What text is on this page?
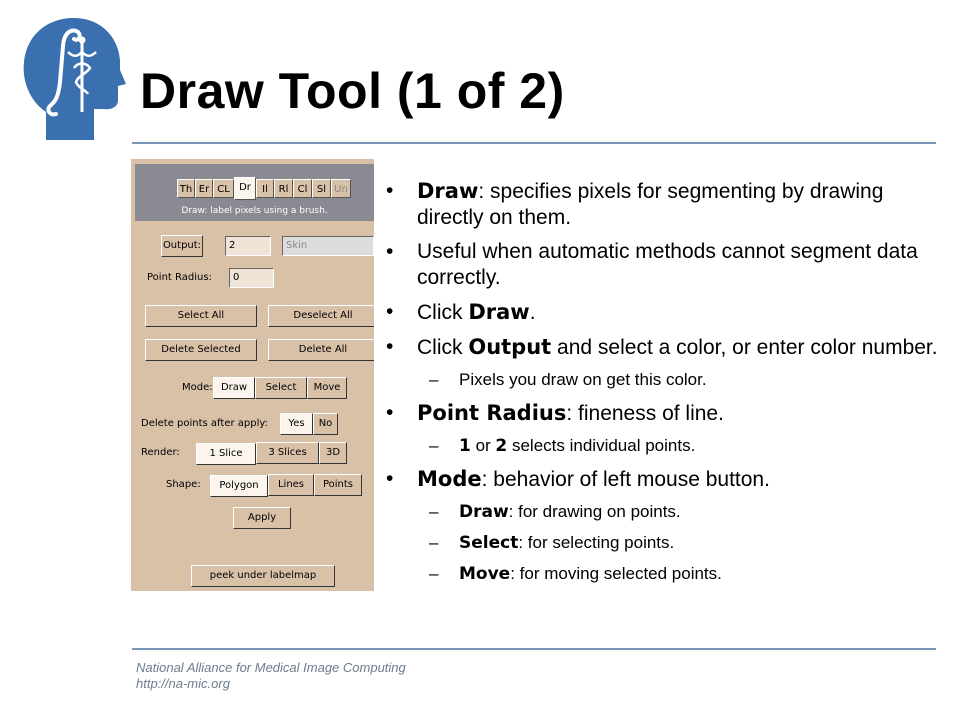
Draw Tool (1 of 2)
Th Er CL Dr	Il	Rl Cl Sl Un
Draw: label pixels using a brush.
Output:	2	Skin
Point Radius:	0
Select All	Deselect All
Delete Selected	Delete All
Mode: Draw	Select	Move
Delete points after apply:	Yes	No
Render:	1 Slice	3 Slices	3D
Shape:	Polygon	Lines	Points
Apply
peek under labelmap
• Draw: specifies pixels for segmenting by drawing directly on them.
• Useful when automatic methods cannot segment data correctly.
• Click Draw.
• Click Output and select a color, or enter color number.
– Pixels you draw on get this color.
• Point Radius: fineness of line.
– 1 or 2 selects individual points.
• Mode: behavior of left mouse button.
– Draw: for drawing on points.
– Select: for selecting points.
– Move: for moving selected points.
National Alliance for Medical Image Computing
http://na-mic.org
